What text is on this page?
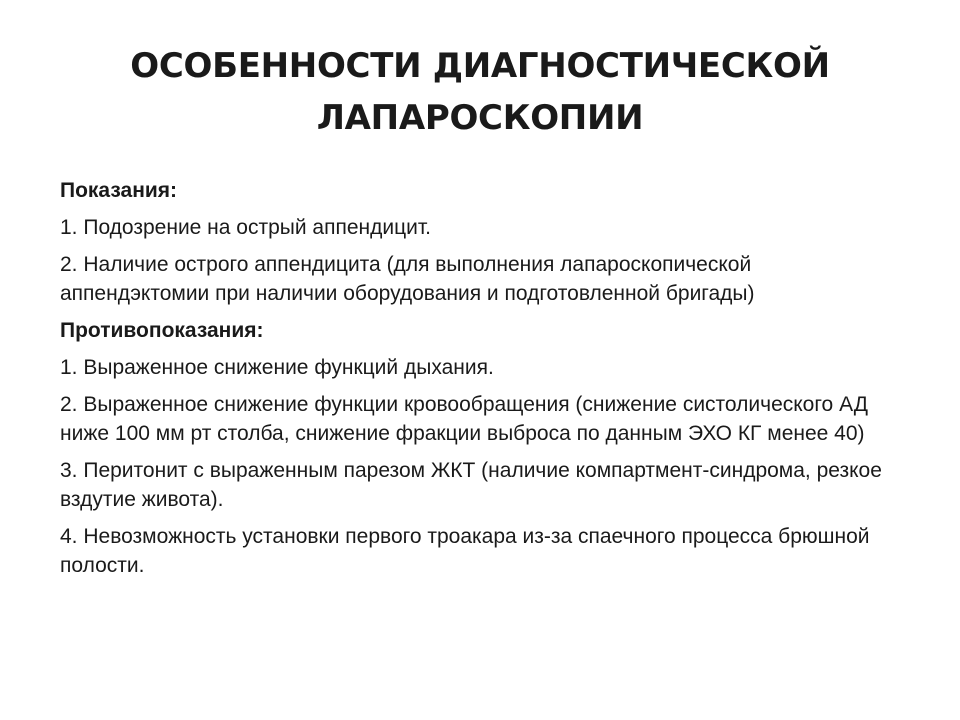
ОСОБЕННОСТИ ДИАГНОСТИЧЕСКОЙ
ЛАПАРОСКОПИИ
Показания:
1. Подозрение на острый аппендицит.
2. Наличие острого аппендицита (для выполнения лапароскопической аппендэктомии при наличии оборудования и подготовленной бригады)
Противопоказания:
1. Выраженное снижение функций дыхания.
2. Выраженное снижение функции кровообращения (снижение систолического АД ниже 100 мм рт столба, снижение фракции выброса по данным ЭХО КГ менее 40)
3. Перитонит с выраженным парезом ЖКТ (наличие компартмент-синдрома, резкое вздутие живота).
4. Невозможность установки первого троакара из-за спаечного процесса брюшной полости.
